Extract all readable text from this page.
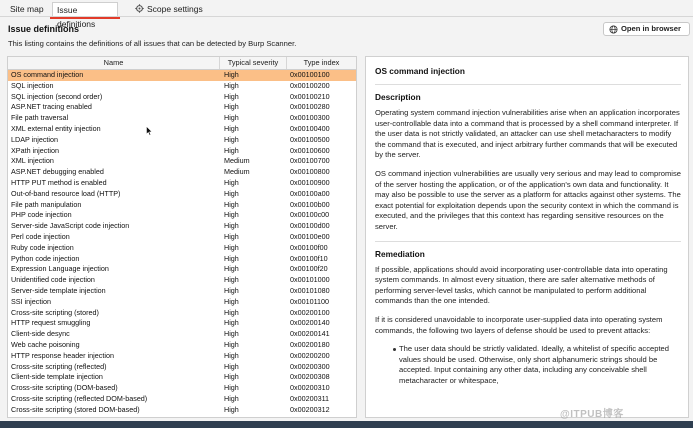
Site map	Issue definitions
Scope settings
Issue definitions
This listing contains the definitions of all issues that can be detected by Burp Scanner.
Open in browser
Name	Typical severity	Type index
OS command injection	High	0x00100100
SQL injection	High	0x00100200
SQL injection (second order)	High	0x00100210
ASP.NET tracing enabled	High	0x00100280
File path traversal	High	0x00100300
XML external entity injection	High	0x00100400
LDAP injection	High	0x00100500
XPath injection	High	0x00100600
XML injection	Medium	0x00100700
ASP.NET debugging enabled	Medium	0x00100800
HTTP PUT method is enabled	High	0x00100900
Out-of-band resource load (HTTP)	High	0x00100a00
File path manipulation	High	0x00100b00
PHP code injection	High	0x00100c00
Server-side JavaScript code injection	High	0x00100d00
Perl code injection	High	0x00100e00
Ruby code injection	High	0x00100f00
Python code injection	High	0x00100f10
Expression Language injection	High	0x00100f20
Unidentified code injection	High	0x00101000
Server-side template injection	High	0x00101080
SSI injection	High	0x00101100
Cross-site scripting (stored)	High	0x00200100
HTTP request smuggling	High	0x00200140
Client-side desync	High	0x00200141
Web cache poisoning	High	0x00200180
HTTP response header injection	High	0x00200200
Cross-site scripting (reflected)	High	0x00200300
Client-side template injection	High	0x00200308
Cross-site scripting (DOM-based)	High	0x00200310
Cross-site scripting (reflected DOM-based)	High	0x00200311
Cross-site scripting (stored DOM-based)	High	0x00200312
OS command injection
Description
Operating system command injection vulnerabilities arise when an application incorporates user-controllable data into a command that is processed by a shell command interpreter. If the user data is not strictly validated, an attacker can use shell metacharacters to modify the command that is executed, and inject arbitrary further commands that will be executed by the server.
OS command injection vulnerabilities are usually very serious and may lead to compromise of the server hosting the application, or of the application's own data and functionality. It may also be possible to use the server as a platform for attacks against other systems. The exact potential for exploitation depends upon the security context in which the command is executed, and the privileges that this context has regarding sensitive resources on the server.
Remediation
If possible, applications should avoid incorporating user-controllable data into operating system commands. In almost every situation, there are safer alternative methods of performing server-level tasks, which cannot be manipulated to perform additional commands than the one intended.
If it is considered unavoidable to incorporate user-supplied data into operating system commands, the following two layers of defense should be used to prevent attacks:
The user data should be strictly validated. Ideally, a whitelist of specific accepted values should be used. Otherwise, only short alphanumeric strings should be accepted. Input containing any other data, including any conceivable shell metacharacter or whitespace,
@ITPUB博客
